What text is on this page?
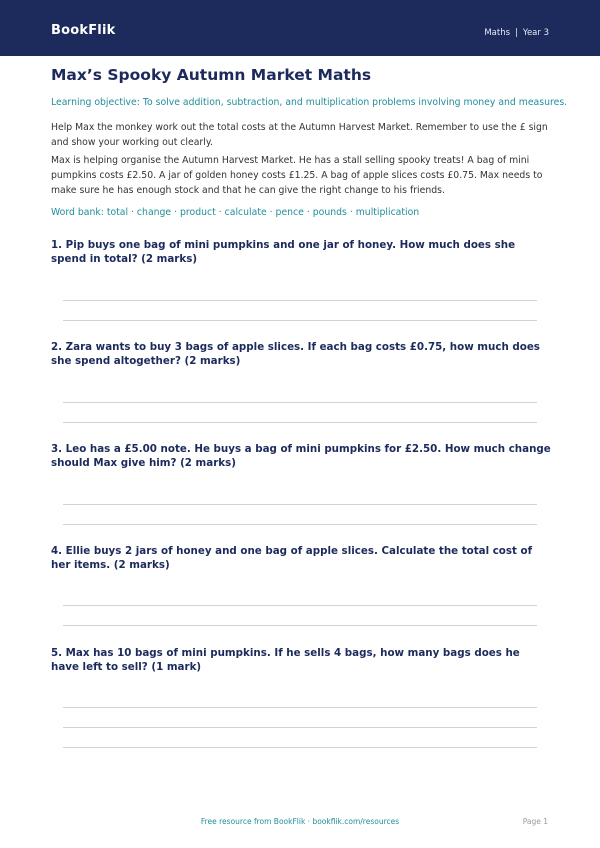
BookFlik	Maths | Year 3
Max’s Spooky Autumn Market Maths
Learning objective: To solve addition, subtraction, and multiplication problems involving money and measures.
Help Max the monkey work out the total costs at the Autumn Harvest Market. Remember to use the £ sign and show your working out clearly.
Max is helping organise the Autumn Harvest Market. He has a stall selling spooky treats! A bag of mini pumpkins costs £2.50. A jar of golden honey costs £1.25. A bag of apple slices costs £0.75. Max needs to make sure he has enough stock and that he can give the right change to his friends.
Word bank: total · change · product · calculate · pence · pounds · multiplication
1. Pip buys one bag of mini pumpkins and one jar of honey. How much does she spend in total? (2 marks)
2. Zara wants to buy 3 bags of apple slices. If each bag costs £0.75, how much does she spend altogether? (2 marks)
3. Leo has a £5.00 note. He buys a bag of mini pumpkins for £2.50. How much change should Max give him? (2 marks)
4. Ellie buys 2 jars of honey and one bag of apple slices. Calculate the total cost of her items. (2 marks)
5. Max has 10 bags of mini pumpkins. If he sells 4 bags, how many bags does he have left to sell? (1 mark)
Free resource from BookFlik · bookflik.com/resources	Page 1
